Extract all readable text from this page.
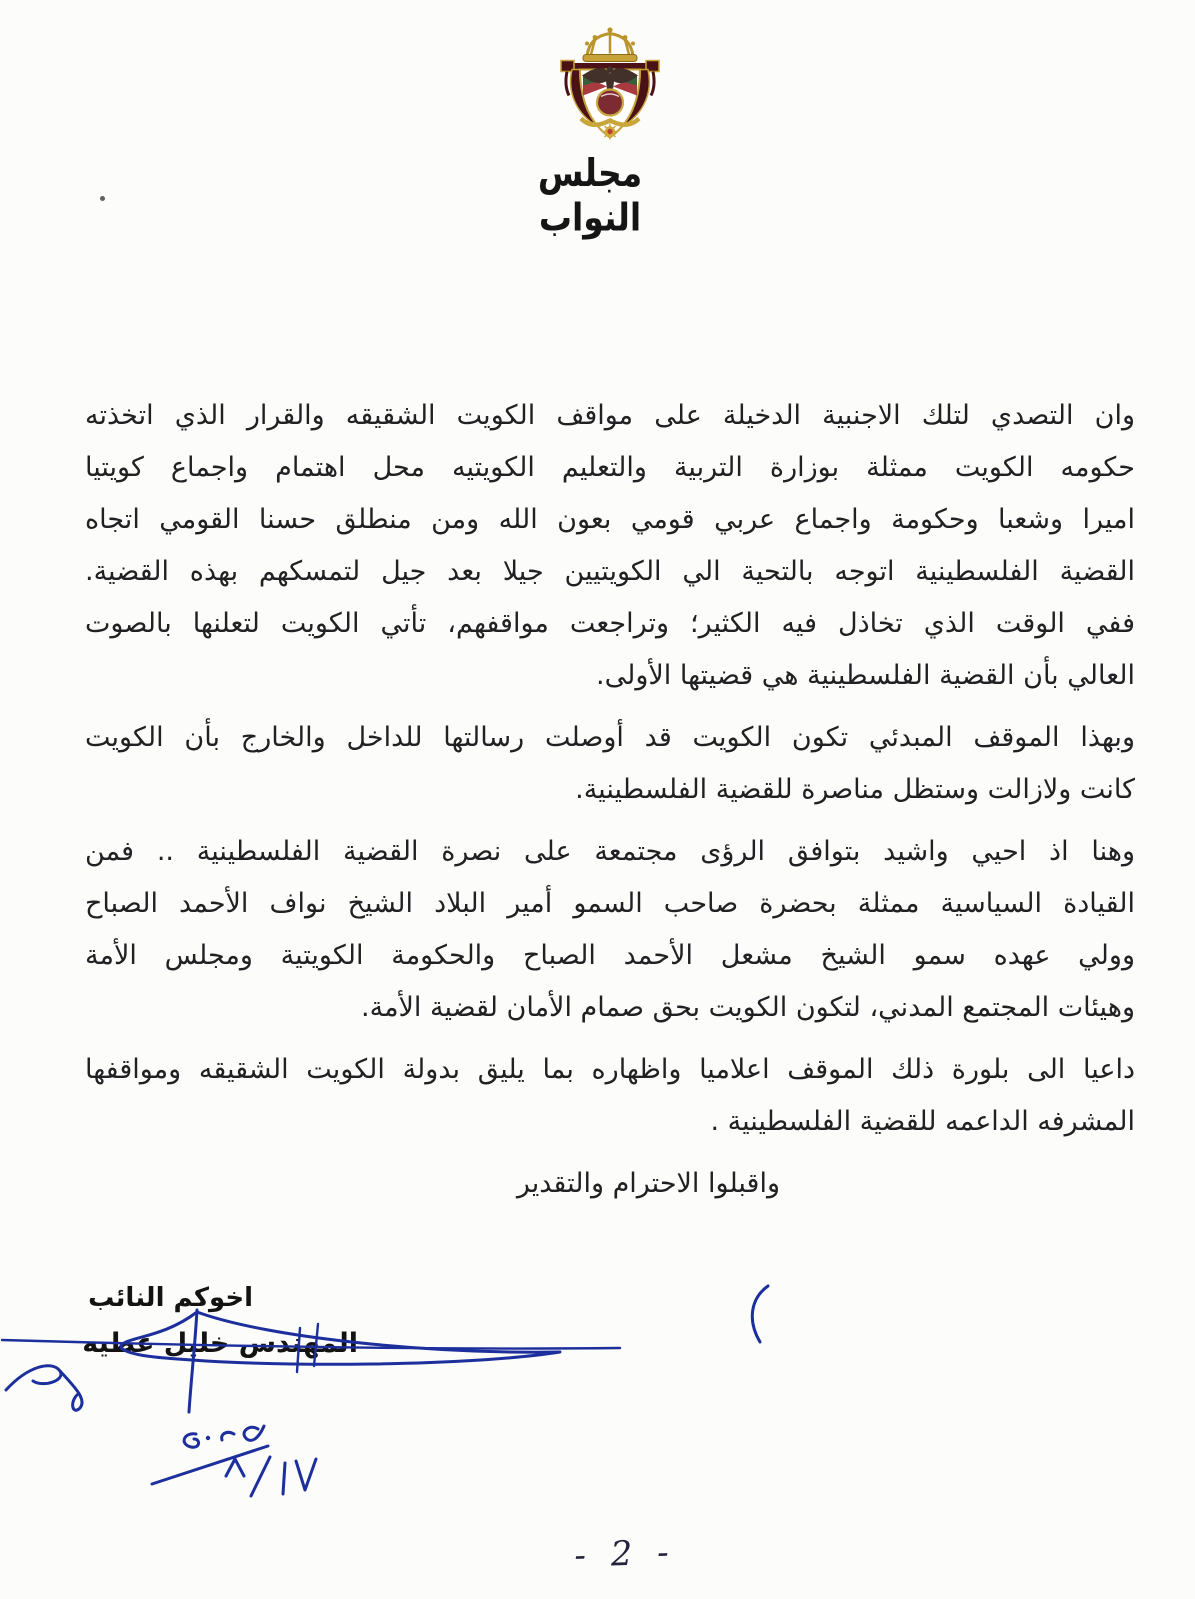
مجلس النواب
وان التصدي لتلك الاجنبية الدخيلة على مواقف الكويت الشقيقه والقرار الذي اتخذته
حكومه الكويت ممثلة بوزارة التربية والتعليم الكويتيه محل اهتمام واجماع كويتيا
اميرا وشعبا وحكومة واجماع عربي قومي بعون الله ومن منطلق حسنا القومي اتجاه
القضية الفلسطينية اتوجه بالتحية الي الكويتيين جيلا بعد جيل لتمسكهم بهذه القضية.
ففي الوقت الذي تخاذل فيه الكثير؛ وتراجعت مواقفهم، تأتي الكويت لتعلنها بالصوت
العالي بأن القضية الفلسطينية هي قضيتها الأولى.
وبهذا الموقف المبدئي تكون الكويت قد أوصلت رسالتها للداخل والخارج بأن الكويت
كانت ولازالت وستظل مناصرة للقضية الفلسطينية.
وهنا اذ احيي واشيد بتوافق الرؤى مجتمعة على نصرة القضية الفلسطينية .. فمن
القيادة السياسية ممثلة بحضرة صاحب السمو أمير البلاد الشيخ نواف الأحمد الصباح
وولي عهده سمو الشيخ مشعل الأحمد الصباح والحكومة الكويتية ومجلس الأمة
وهيئات المجتمع المدني، لتكون الكويت بحق صمام الأمان لقضية الأمة.
داعيا الى بلورة ذلك الموقف اعلاميا واظهاره بما يليق بدولة الكويت الشقيقه ومواقفها
المشرفه الداعمه للقضية الفلسطينية .
واقبلوا الاحترام والتقدير
اخوكم النائب
المهندس خليل عطيه
- 2 -
